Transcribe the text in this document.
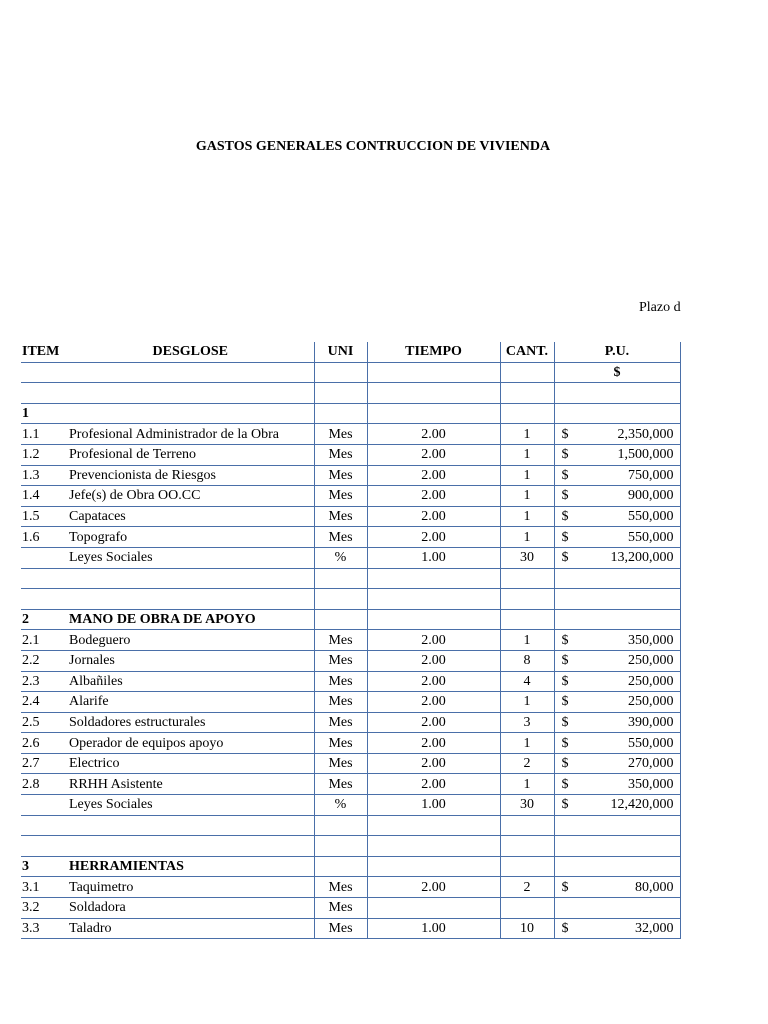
GASTOS GENERALES CONTRUCCION DE VIVIENDA
Plazo d
ITEM	DESGLOSE	UNI	TIEMPO	CANT.	P.U.	
					$	

1					

1.1	Profesional Administrador de la Obra	Mes	2.00	1	$ 2,350,000	

1.2	Profesional de Terreno	Mes	2.00	1	$ 1,500,000	

1.3	Prevencionista de Riesgos	Mes	2.00	1	$ 750,000	

1.4	Jefe(s) de Obra OO.CC	Mes	2.00	1	$ 900,000	

1.5	Capataces	Mes	2.00	1	$ 550,000	

1.6	Topografo	Mes	2.00	1	$ 550,000	

	Leyes Sociales	%	1.00	30	$ 13,200,000	

2	MANO DE OBRA DE APOYO				

2.1	Bodeguero	Mes	2.00	1	$ 350,000	

2.2	Jornales	Mes	2.00	8	$ 250,000	

2.3	Albañiles	Mes	2.00	4	$ 250,000	

2.4	Alarife	Mes	2.00	1	$ 250,000	

2.5	Soldadores estructurales	Mes	2.00	3	$ 390,000	

2.6	Operador de equipos apoyo	Mes	2.00	1	$ 550,000	

2.7	Electrico	Mes	2.00	2	$ 270,000	

2.8	RRHH Asistente	Mes	2.00	1	$ 350,000	

	Leyes Sociales	%	1.00	30	$ 12,420,000	

3	HERRAMIENTAS				

3.1	Taquimetro	Mes	2.00	2	$ 80,000	

3.2	Soldadora	Mes			

3.3	Taladro	Mes	1.00	10	$ 32,000	
